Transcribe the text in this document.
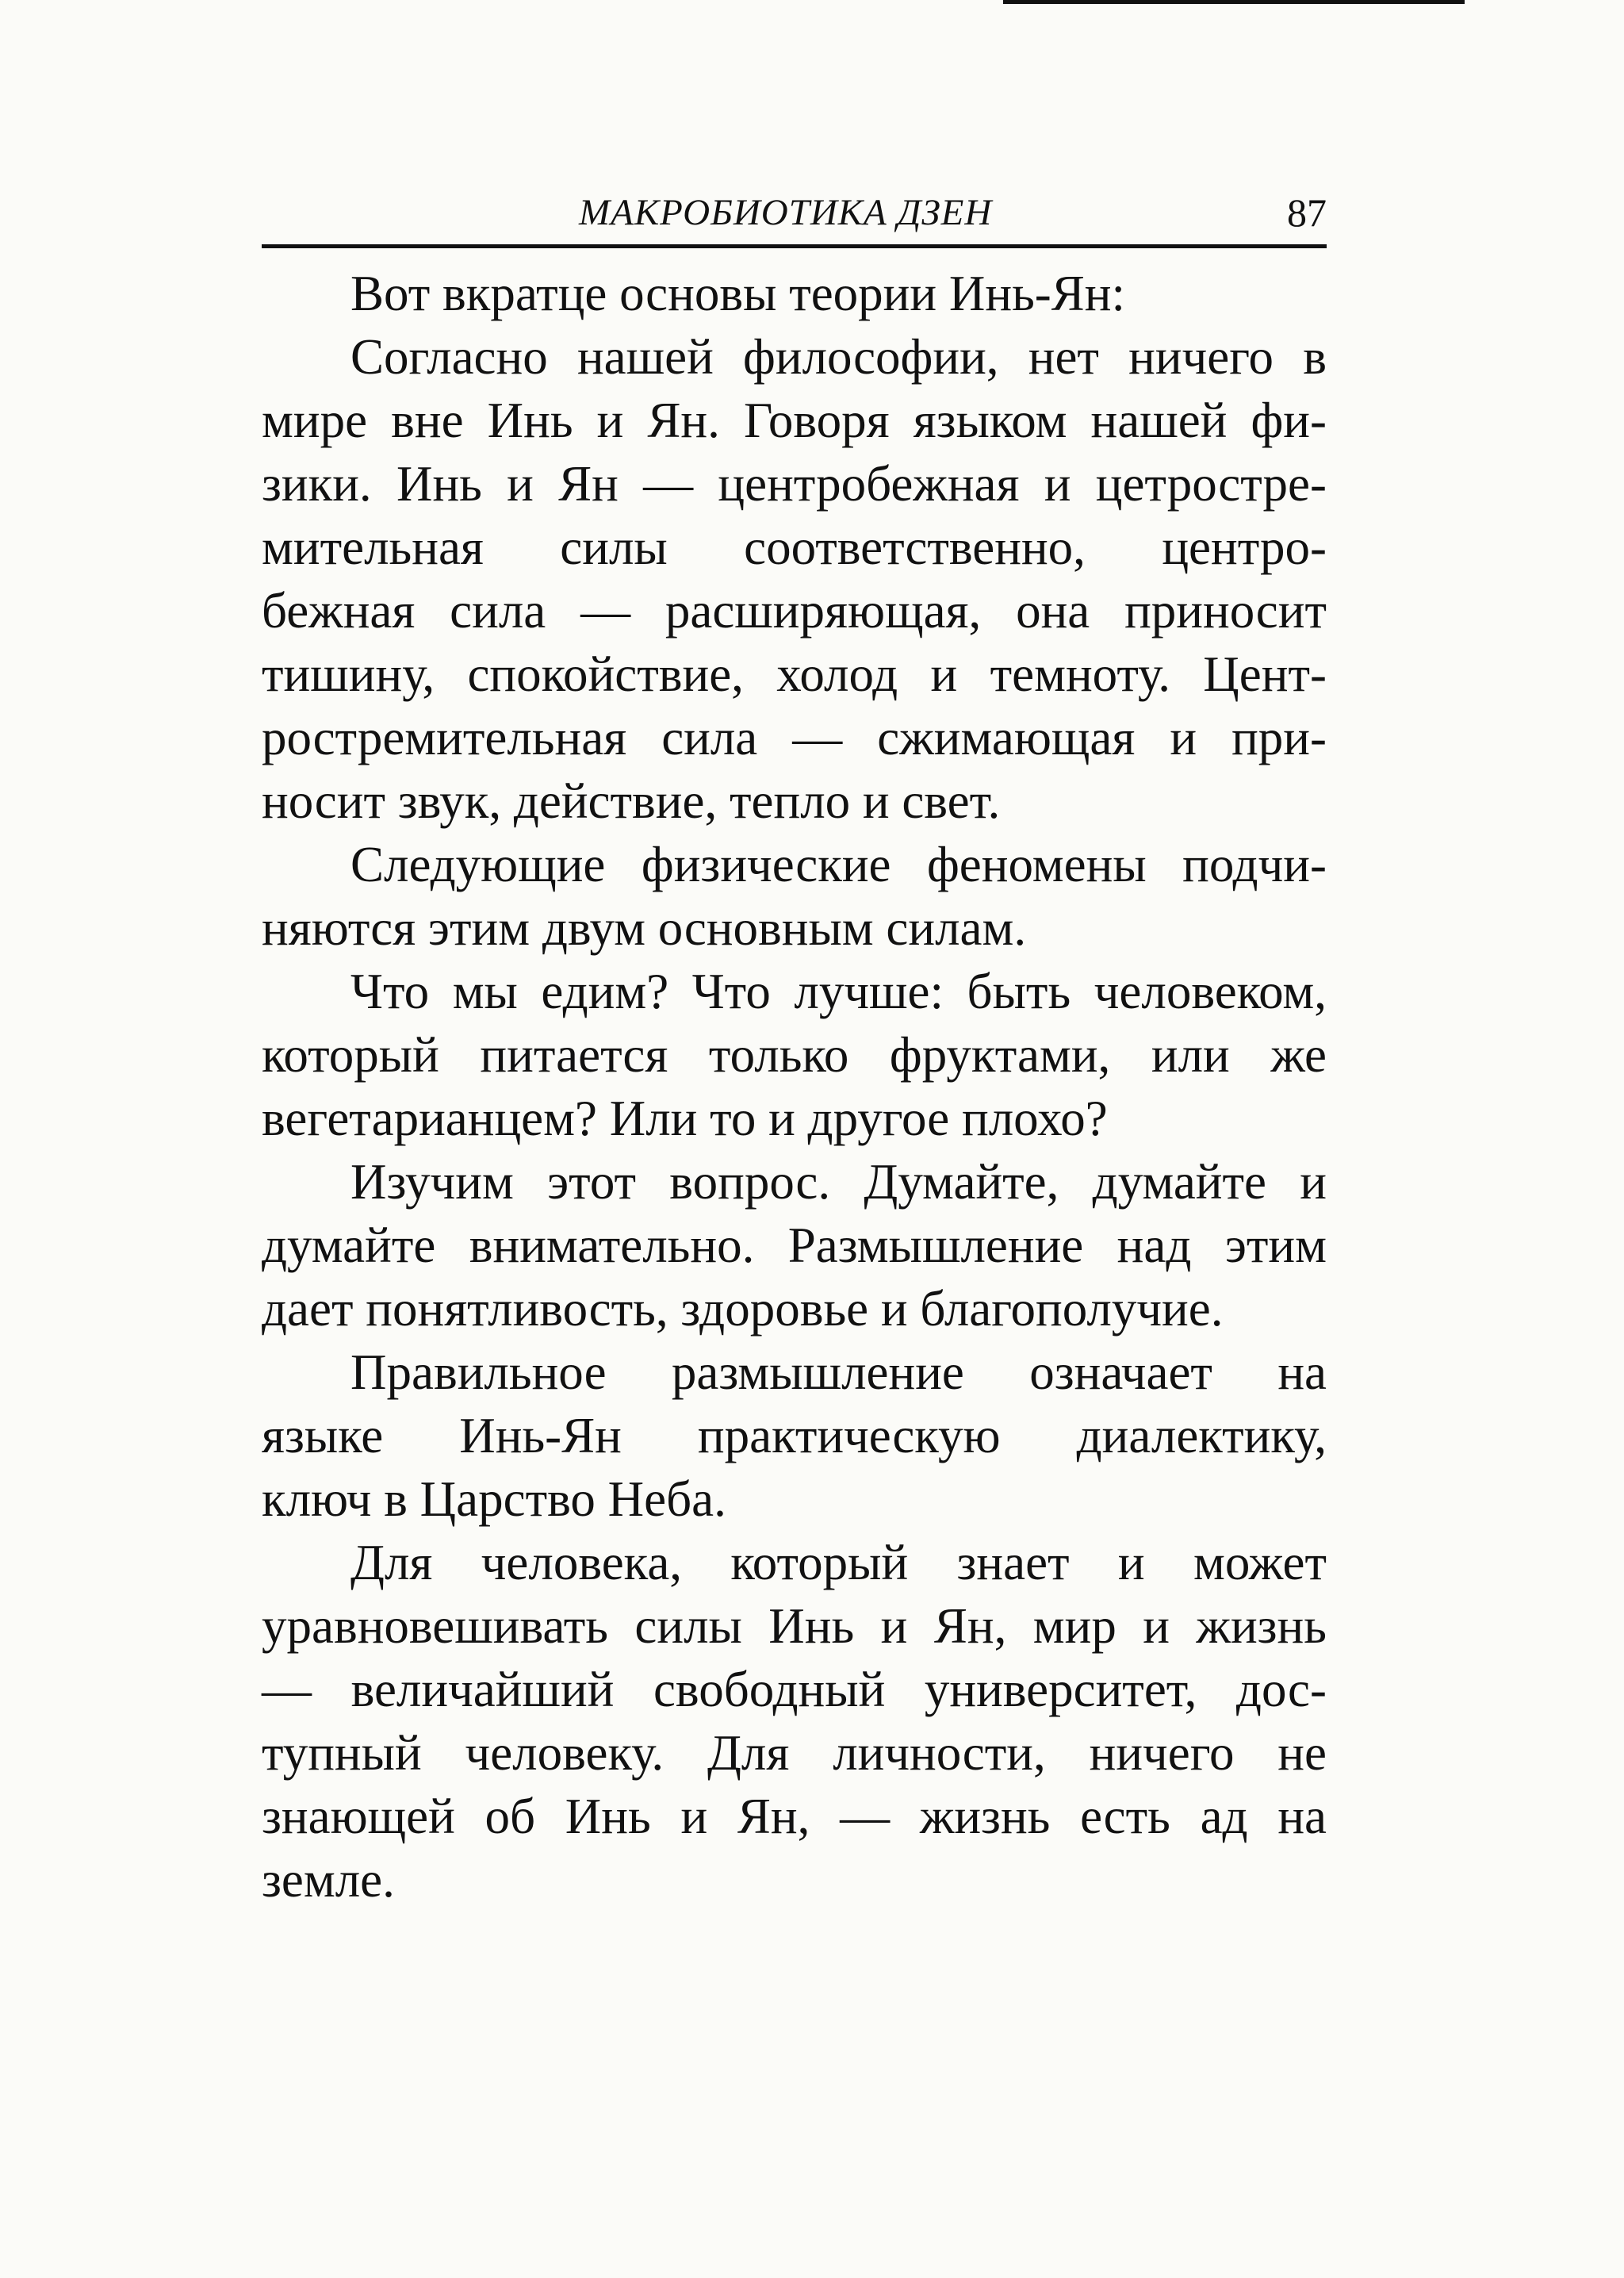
МАКРОБИОТИКА ДЗЕН	87

Вот вкратце основы теории Инь-Ян:

Согласно нашей философии, нет ничего в
мире вне Инь и Ян. Говоря языком нашей фи-
зики. Инь и Ян — центробежная и цетростре-
мительная силы соответственно, центро-
бежная сила — расширяющая, она приносит
тишину, спокойствие, холод и темноту. Цент-
ростремительная сила — сжимающая и при-
носит звук, действие, тепло и свет.

Следующие физические феномены подчи-
няются этим двум основным силам.

Что мы едим? Что лучше: быть человеком,
который питается только фруктами, или же
вегетарианцем? Или то и другое плохо?

Изучим этот вопрос. Думайте, думайте и
думайте внимательно. Размышление над этим
дает понятливость, здоровье и благополучие.

Правильное размышление означает на
языке Инь-Ян практическую диалектику,
ключ в Царство Неба.

Для человека, который знает и может
уравновешивать силы Инь и Ян, мир и жизнь
— величайший свободный университет, дос-
тупный человеку. Для личности, ничего не
знающей об Инь и Ян, — жизнь есть ад на
земле.
